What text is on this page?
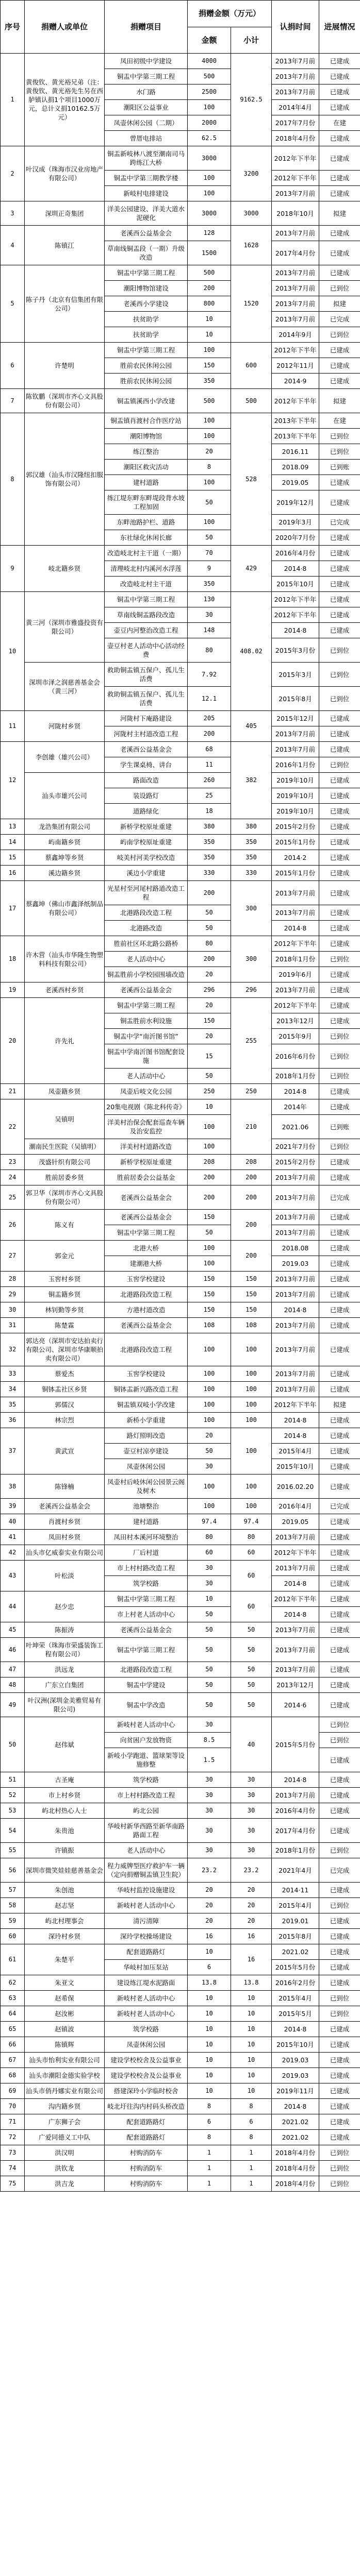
序号	捐赠人或单位	捐赠项目	捐赠金额（万元）		认捐时间	进展情况
			金额	小计		
1	黄俊钦、黄光裕兄弟（注：黄俊钦、黄光裕先生另在西胪镇认捐1个项目1000万元，总计义捐10162.5万元）	凤田初级中学建设	4000	9162.5	2013年7月前	已建成
		铜盂中学第三期工程	500		2013年7月前	已建成
		水门路	2500		2013年7月前	已建成
		潮阳区公益事业	100		2014年4月	已建成
		凤壶休闲公园（二期）	2000		2017年7月份	在建
		曾厝电排站	62.5		2018年4月份	已建成
2	叶汉成（珠海市汉业房地产有限公司）	铜盂新岐林八渡至潮南司马跨练江大桥	3000	3200	2012年下半年	已建成
		铜盂中学第三期教学楼	100		2012年下半年	已建成
		新岐村电排建设	100		2013年7月前	已建成
3	深圳正奇集团	洋美公园建设、洋美大道水泥硬化	3000	3000	2018年10月	拟建
4	陈镇江	老溪西公益基金会	128	1628	2013年7月前	已建成
		草南线铜盂段（一期）升级改造	1500		2017年4月份	已建成
5	陈子丹（北京有信集团有限公司）	铜盂中学第三期工程	500	1520	2013年7月前	已建成
		潮阳博物馆建设	200		2013年7月前	已到位
		老溪西小学建设	800		2013年7月前	拟建
		扶贫助学	10		2013年7月前	已完成
		扶贫助学	10		2014年9月	已到位
6	许楚明	铜盂中学第三期工程	100	600	2012年下半年	已建成
		胜前农民休闲公园	150		2012年11月	已建成
		胜前农民休闲公园	350		2014·9	已建成
7	陈钦鹏（深圳市齐心文具股份有限公司）	铜盂镇溪西小学改建	500	500	2012年下半年	拟建
8	郭汉雄（汕头市汉隆纽扣服饰有限公司）	铜盂镇肖渡村合作医疗站	100	528	2013年下半年	在建
		潮阳博物馆	100		2013年下半年	已到位
		练江整治	20		2016.11	已到位
		潮阳区救灾活动	8		2018.09	已到账
		建村道路	100		2019.05	已建成
		练江堤东畔东畔堤段背水坡工程加固	50		2019年12月	已建成
		东畔池路护栏、道路	100		2019年3月	已完成
		东社绿化休闲长廊	50		2020年7月份	已建成
9	岐北籍乡贤	改造岐北村主干道（一期）	70	429	2016年4月份	已建成
		清理岐北村内溪河水浮莲	9		2014·8	已建成
		改造岐北村主干道	350		2015年10月	已建成
10	黄三河（深圳市雅盛投资有限公司）	铜盂中学第三期工程	130	408.02	2012年下半年	已建成
		草南线铜盂路段改造	30		2012年下半年	已建成
		壶豆内河整治改造工程	148		2014·8	已建成
		壶豆村老人活动中心活动经费	80		2015年3月份	已到位
	深圳市泽之润慈善基金会（黄三河）	救助铜盂镇五保户、孤儿生活费	7.92		2015年3月	已到位
		救助铜盂镇五保户、孤儿生活费	12.1		2015年8月	已到位
11	河陇村乡贤	河陇村下庵路建设	205	405	2015年12月	已建成
		河陇村主村道改造工程	200		2013年7月前	已建成
12	李创雄（雄兴公司）	老溪西公益基金会	68	382	2013年7月前	已建成
		学生课桌椅、讲台	11		2016年1月份	已到位
	汕头市雄兴公司	路面改造	260		2019年10月	已建成
		装设路灯	25		2019年10月	已建成
		道路绿化	18		2019年10月	已建成
13	龙浩集团有限公司	新桥学校原址重建	380	380	2015年2月份	已建成
14	屿南籍乡贤	屿南学校原址重建	350	350	2015年1月份	已建成
15	蔡鑫坤等乡贤	岐美村河美学校改造	350	350	2014·2	已建成
16	溪边籍乡贤	溪边小学重建	330	330	2015年1月份	已建成
17	蔡鑫坤（佛山市鑫泽纸制品有限公司）	光星村至河尾村路道改造工程	200	300	2013年7月前	已建成
		北港路段改造工程	50		2013年7月前	已建成
		北港路改造	50		2014·8	已建成
18	许木营（汕头市华隆生物塑料科技有限公司）	胜前社区环北路公路桥	80	300	2012年下半年	已建成
		老人活动中心	200		2018年1月份	已到位
		铜盂胜前小学校园围墙改造	20		2019年6月	已建成
19	老溪西村乡贤	老溪西公益基金会	296	296	2013年7月前	已建成
20	许先礼	铜盂中学第三期工程	20	255	2012年下半年	已建成
		铜盂胜前水利设施	150		2013年12月	已建成
		铜盂中学“南沂图书馆”	20		2015年9月	已到位
		铜盂中学南沂图书馆配套设施	15		2016年6月份	已到位
		老人活动中心	50		2018年1月份	已到位
21	凤壶籍乡贤	凤壶后岐文化公园	250	250	2014·8	已建成
22	吴镇明	20集电视剧《陈北科传奇》	10	210	2014年	已建成
		洋美村治保会配套巡查车辆及治安监控	100		2021.06	已到账
	潮南民生医院（吴镇明）	洋美村村道路改造	100		2021年7月份	已到位
23	茂盛针织有限公司	新桥学校原址重建	208	208	2015年2月份	已建成
24	胜前居委乡贤	胜前居委会公益基金	200	200	2013年7月前	已建成
25	郭卫华（深圳市齐心文具股份有限公司）	老溪西公益基金会	200	200	2013年7月前	已完成
26	陈义有	老溪西公益基金会	150	200	2013年7月前	已建成
		铜盂中学第三期工程	50		2013年7月前	已建成
27	郭金元	北港大桥	100	200	2018.08	已建成
		建潮港大桥	100		2019.03	已建成
28	玉窖村乡贤	玉窖学校建设	150	150	2013年7月前	已建成
29	铜盂籍乡贤	北港路段改造工程	150	150	2013年7月前	已建成
30	林钊勤等乡贤	方港村道改造	150	150	2014·8	已建成
31	陈楚霖	老溪西公益基金会	108	108	2013年7月前	已建成
32	郭达亮（深圳市安达拍卖行有限公司、深圳市华康顺拍卖有限公司）	北港路段改造工程	100	100	2013年7月前	已建成
33	蔡爱杰	玉窖学校建设	100	100	2013年7月前	已建成
34	铜钵盂社区乡贤	铜钵盂新兴路改造工程	100	100	2013年7月前	已建成
35	郭儒汉	铜盂镇双岐小学改建	100	100	2012年下半年	拟建
36	林宗烈	新桥小学重建	100	100	2014·8	已建成
37	黄武宣	路灯照明改造	20	100	2014·8	已建成
		壶豆村凉亭建设	50		2015年4月	已建成
		凤壶休闲公园	30		2015年10月	已建成
38	陈锋楠	凤壶村后岐休闲公园景云阁及树木	100	100	2016.02.20	已建成
39	老溪西公益基金会	池塘整治	100	100	2016年4月	已完成
40	肖渡村乡贤	建村道路	97.4	97.4	2019.05	已建成
41	凤田村乡贤	凤田村本溪河环境整治	80	80	2013年7月前	已建成
42	汕头市亿威泰实业有限公司	厂后村道	60	60	2012年下半年	已建成
43	叶松淡	市上村村路改造工程	30	60	2013年7月前	已建成
		筑学校路	30		2014·8	已建成
44	赵少忠	铜盂中学第三期工程	10	60	2012年下半年	已建成
		市上村老人活动中心	50		2014·8	已建成
45	陈振涛	老溪西公益基金会	50	50	2013年7月前	已建成
46	叶坤荣（珠海市荣盛装饰工程有限公司）	铜盂中学第三期工程	50	50	2013年7月前	已建成
47	洪远龙	北港路段改造工程	50	50	2013年7月前	已建成
48	广东立白集团	铜盂中学建设	50	50	2013年12月	已建成
49	叶汉洲(深圳金美雅贸易有限公司)	铜盂中学改造	50	50	2014·6	已建成
50	赵伟斌	新岐村老人活动中心	30	40	2015年5月份	已到位
		向贫困户发放物资	8.5			已到位
		新岐小学跑道、篮球架等设施修整	1.5			已建成
51	古圣庵	筑学校路	30	30	2014·8	已建成
52	市上村乡贤	市上村村路改造工程	30	30	2013年7月前	已建成
53	屿北村热心人士	屿北公园	30	30	2016年4月份	已建成
54	朱贵池	华岐村新华西路至新华南路路面工程	30	30	2017年4月份	已建成
55	许镇振	老人活动中心	30	30	2018年1月份	已到位
56	深圳市微笑娃娃慈善基金会	程力威牌型医疗救护车一辆（定向捐赠铜盂镇卫生院）	23.2	23.2	2021年4月	已完成
57	朱创池	华岐村监控设施建设	20	20	2014·11	已建成
58	赵志坚	新岐村老人活动中心	20	20	2015年4月	已到位
59	屿北村理事会	清污清障	20	20	2019.01	已建成
60	深玲村乡贤	深玲学校操场建设	16	16	2015年8月	已建成
61	朱楚平	配套道路路灯	10	16	2021.02	已建成
		华岐村加压泵站	6		2015年5月份	已建成
62	朱亚文	建设练江堤水泥路面	13.8	13.8	2016年2月份	已建成
63	赵希保	新岐村老人活动中心	10	10	2015年4月	已到位
64	赵汝彬	新岐村老人活动中心	10	10	2015年5月	已到位
65	赵镇波	筑学校路	10	10	2014·8	已建成
66	陈镇辉	凤壶休闲公园	10	10	2015年10月	已建成
67	汕头市怡利实业有限公司	建设学校校舍及公益事业	10	10	2019.03	已建成
68	汕头市潮阳金德实验学校	建设学校校舍及公益事业	10	10	2019.03	已建成
69	汕头市俏丹娜实业有限公司	搭建深玲小学临时校舍	10	10	2019年11月	已建成
70	沟内籍乡贤	岐北圩往沟内村码头桥改造	8	8	2014·8	已建成
71	广东狮子会	配套道路路灯	6	6	2021.02	已建成
72	广爱同德义工中队	配套道路路灯	8	8	2021.02	已建成
73	洪汉明	村购消防车	1	1	2018年4月份	已到位
74	洪钦龙	村购消防车	1	1	2018年4月份	已到位
75	洪吉龙	村购消防车	1	1	2018年4月份	已到位
